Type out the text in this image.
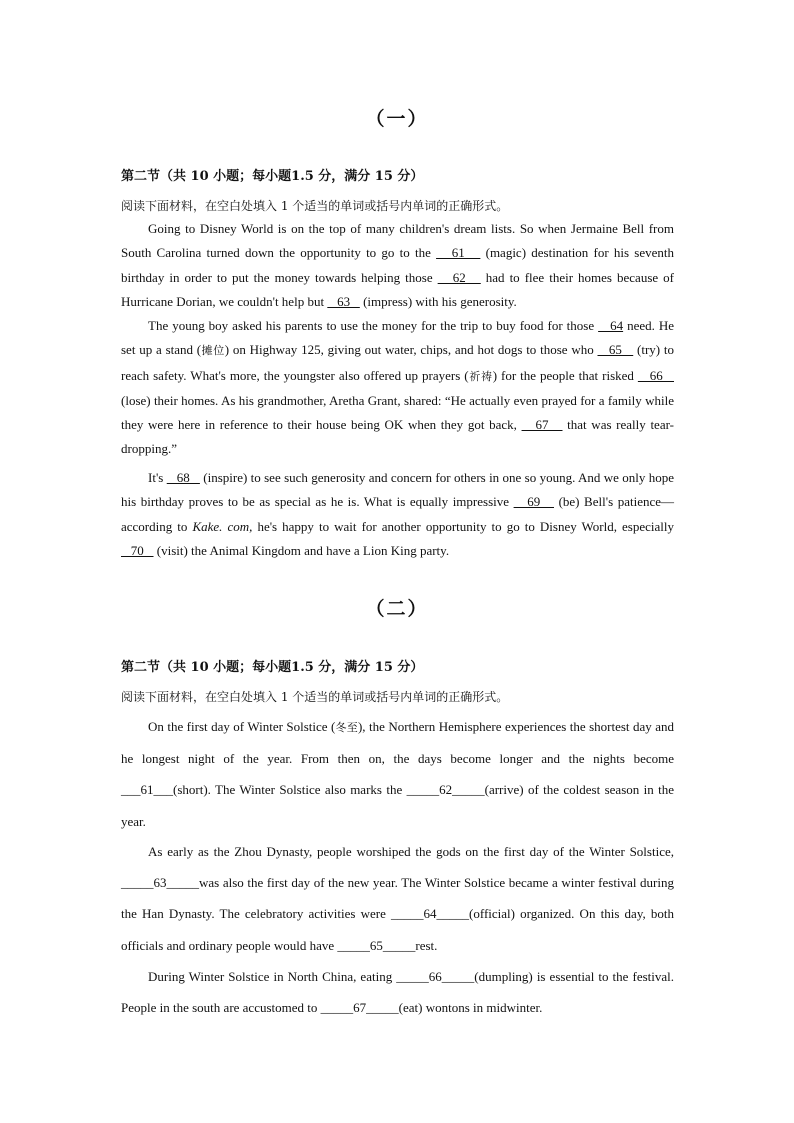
（一）
第二节（共 10 小题；每小题1.5 分，满分 15 分）
阅读下面材料，在空白处填入 1 个适当的单词或括号内单词的正确形式。

Going to Disney World is on the top of many children's dream lists. So when Jermaine Bell from South Carolina turned down the opportunity to go to the    61    (magic) destination for his seventh birthday in order to put the money towards helping those    62    had to flee their homes because of Hurricane Dorian, we couldn't help but    63    (impress) with his generosity.

The young boy asked his parents to use the money for the trip to buy food for those    64 need. He set up a stand (摊位) on Highway 125, giving out water, chips, and hot dogs to those who    65    (try) to reach safety. What's more, the youngster also offered up prayers (祈祷) for the people that risked    66    (lose) their homes. As his grandmother, Aretha Grant, shared: “He actually even prayed for a family while they were here in reference to their house being OK when they got back,    67    that was really tear-dropping.”

It's    68    (inspire) to see such generosity and concern for others in one so young. And we only hope his birthday proves to be as special as he is. What is equally impressive    69    (be) Bell's patience—according to Kake. com, he's happy to wait for another opportunity to go to Disney World, especially    70    (visit) the Animal Kingdom and have a Lion King party.

（二）
第二节（共 10 小题；每小题1.5 分，满分 15 分）
阅读下面材料，在空白处填入 1 个适当的单词或括号内单词的正确形式。

On the first day of Winter Solstice (冬至), the Northern Hemisphere experiences the shortest day and he longest night of the year. From then on, the days become longer and the nights become ___61___(short). The Winter Solstice also marks the _____62_____(arrive) of the coldest season in the year.

As early as the Zhou Dynasty, people worshiped the gods on the first day of the Winter Solstice, _____63_____was also the first day of the new year. The Winter Solstice became a winter festival during the Han Dynasty. The celebratory activities were _____64_____(official) organized. On this day, both officials and ordinary people would have _____65_____rest.

During Winter Solstice in North China, eating _____66_____(dumpling) is essential to the festival. People in the south are accustomed to _____67_____(eat) wontons in midwinter.
